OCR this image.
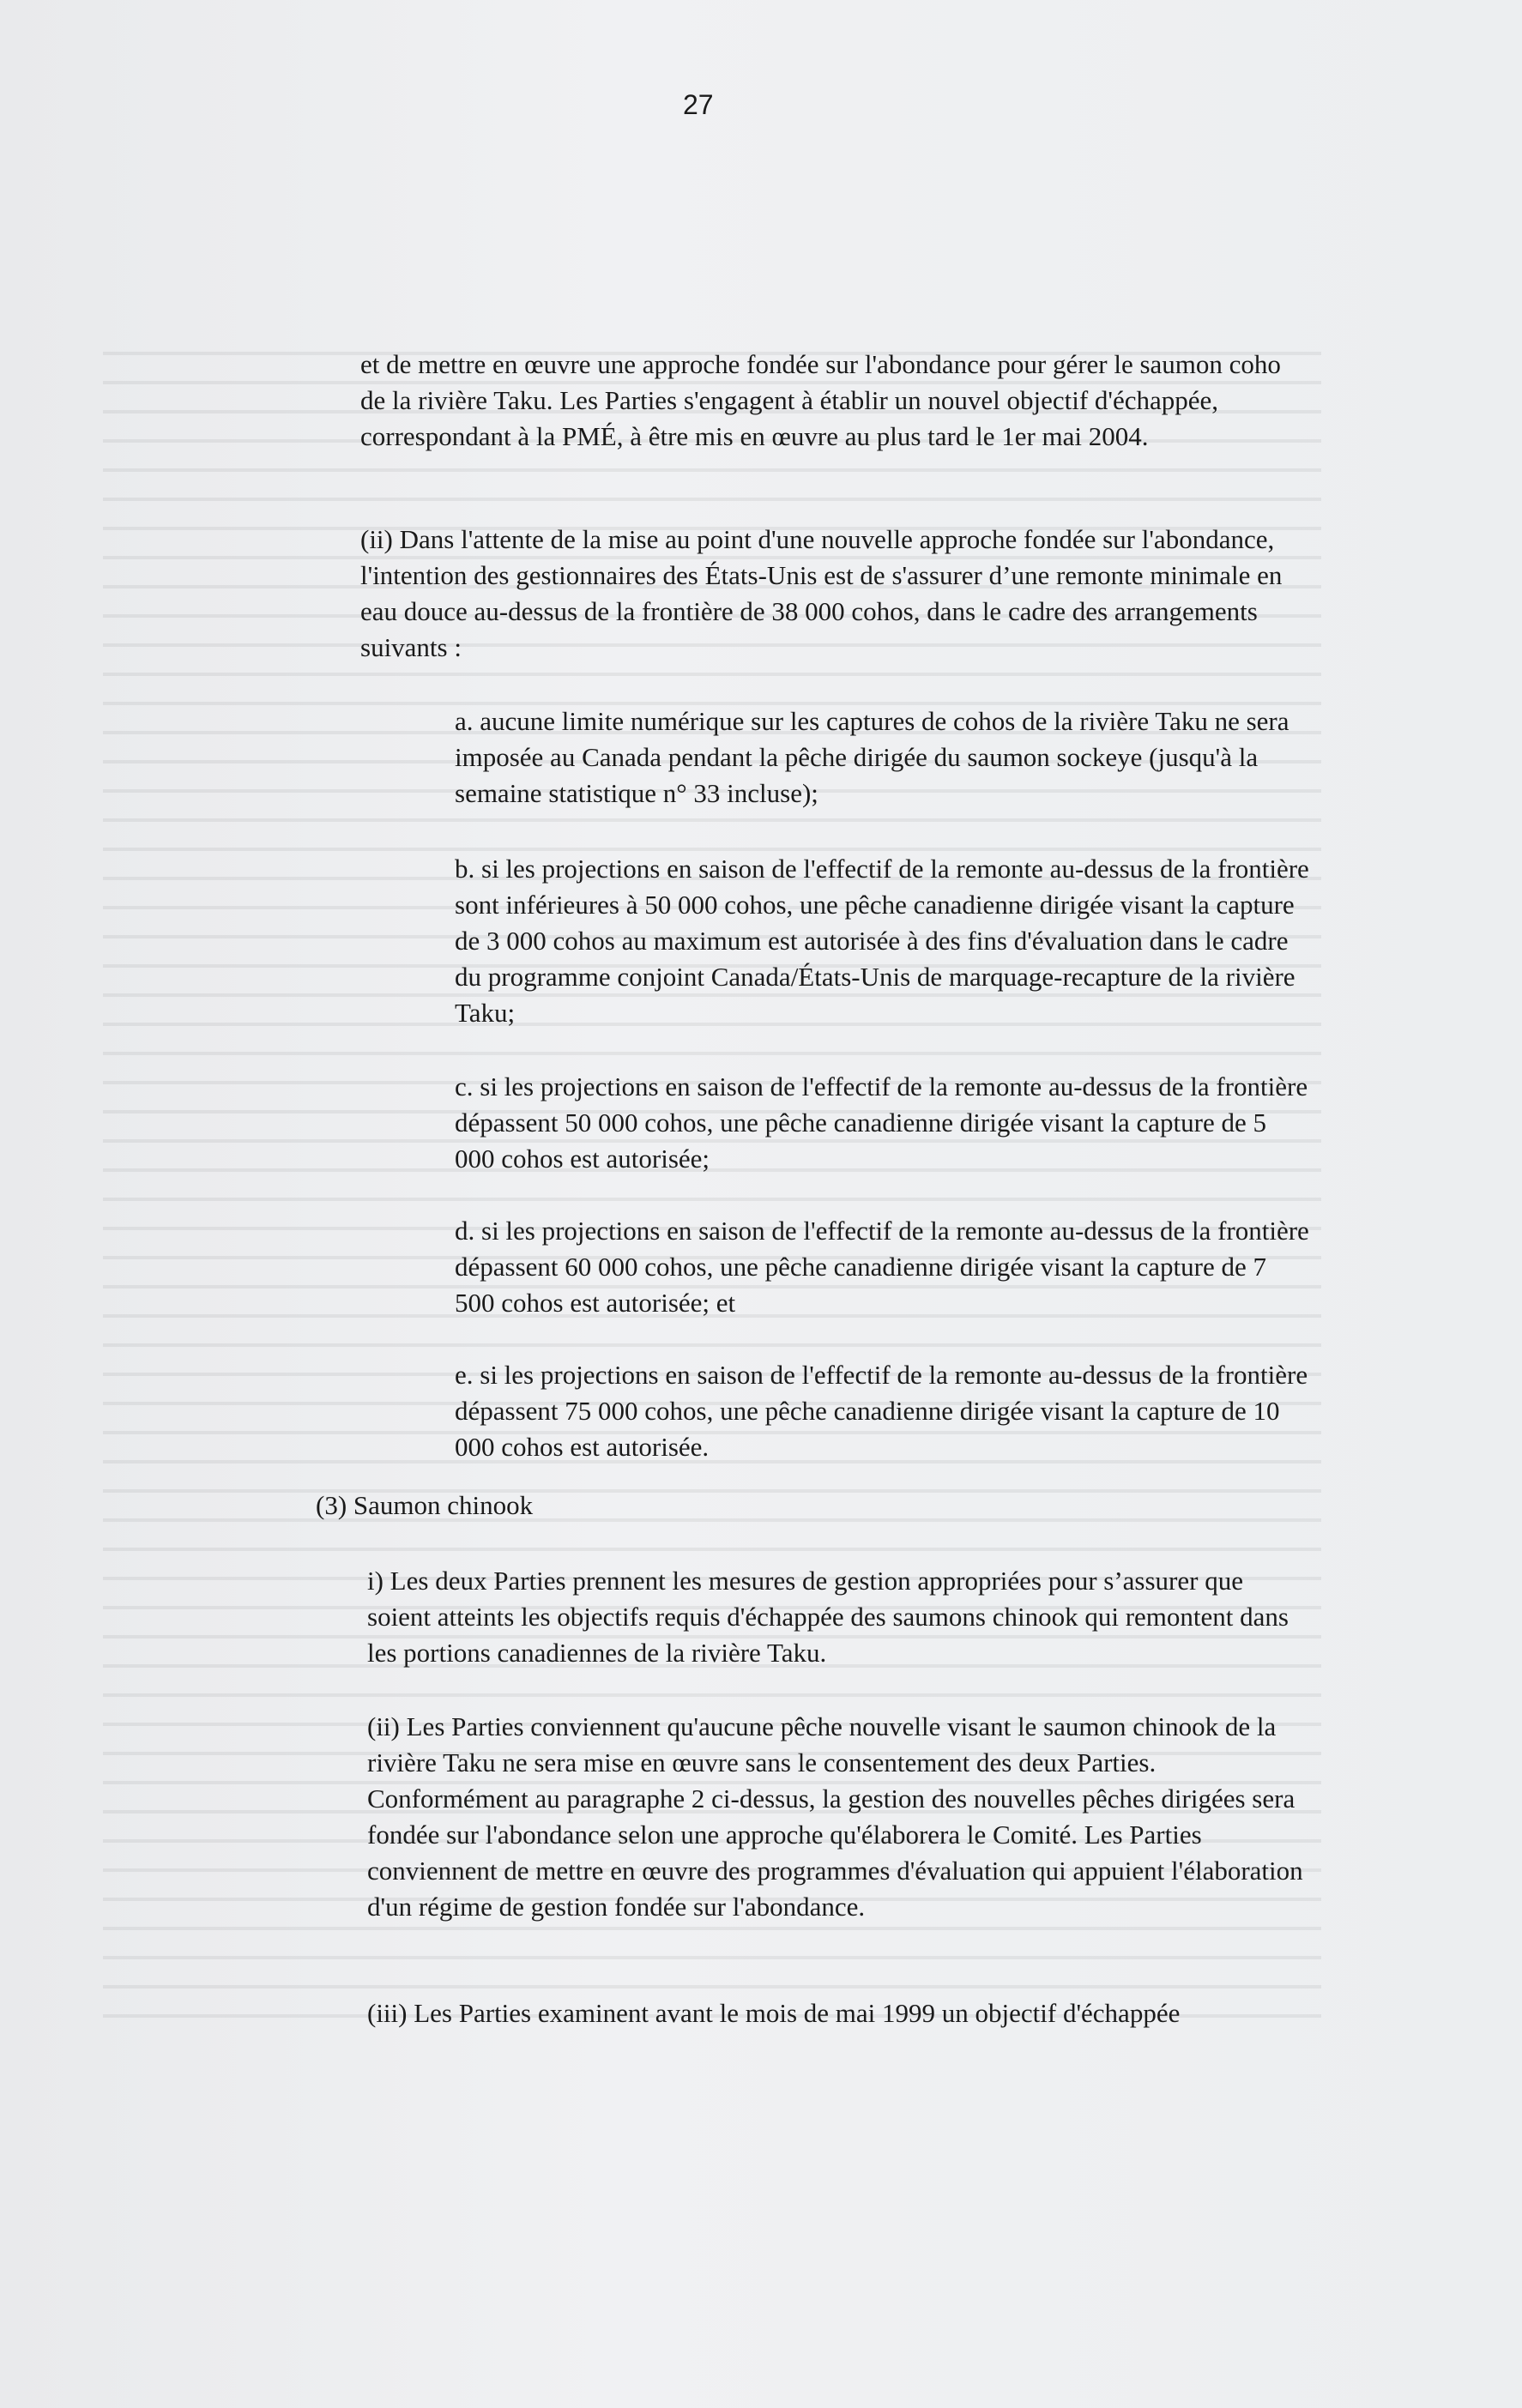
27

et de mettre en œuvre une approche fondée sur l'abondance pour gérer le saumon coho de la rivière Taku. Les Parties s'engagent à établir un nouvel objectif d'échappée, correspondant à la PMÉ, à être mis en œuvre au plus tard le 1er mai 2004.

(ii) Dans l'attente de la mise au point d'une nouvelle approche fondée sur l'abondance, l'intention des gestionnaires des États-Unis est de s'assurer d’une remonte minimale en eau douce au-dessus de la frontière de 38 000 cohos, dans le cadre des arrangements suivants :

a. aucune limite numérique sur les captures de cohos de la rivière Taku ne sera imposée au Canada pendant la pêche dirigée du saumon sockeye (jusqu'à la semaine statistique n° 33 incluse);

b. si les projections en saison de l'effectif de la remonte au-dessus de la frontière sont inférieures à 50 000 cohos, une pêche canadienne dirigée visant la capture de 3 000 cohos au maximum est autorisée à des fins d'évaluation dans le cadre du programme conjoint Canada/États-Unis de marquage-recapture de la rivière Taku;

c. si les projections en saison de l'effectif de la remonte au-dessus de la frontière dépassent 50 000 cohos, une pêche canadienne dirigée visant la capture de 5 000 cohos est autorisée;

d. si les projections en saison de l'effectif de la remonte au-dessus de la frontière dépassent 60 000 cohos, une pêche canadienne dirigée visant la capture de 7 500 cohos est autorisée; et

e. si les projections en saison de l'effectif de la remonte au-dessus de la frontière dépassent 75 000 cohos, une pêche canadienne dirigée visant la capture de 10 000 cohos est autorisée.

(3) Saumon chinook

i) Les deux Parties prennent les mesures de gestion appropriées pour s’assurer que soient atteints les objectifs requis d'échappée des saumons chinook qui remontent dans les portions canadiennes de la rivière Taku.

(ii) Les Parties conviennent qu'aucune pêche nouvelle visant le saumon chinook de la rivière Taku ne sera mise en œuvre sans le consentement des deux Parties. Conformément au paragraphe 2 ci-dessus, la gestion des nouvelles pêches dirigées sera fondée sur l'abondance selon une approche qu'élaborera le Comité. Les Parties conviennent de mettre en œuvre des programmes d'évaluation qui appuient l'élaboration d'un régime de gestion fondée sur l'abondance.

(iii) Les Parties examinent avant le mois de mai 1999 un objectif d'échappée
